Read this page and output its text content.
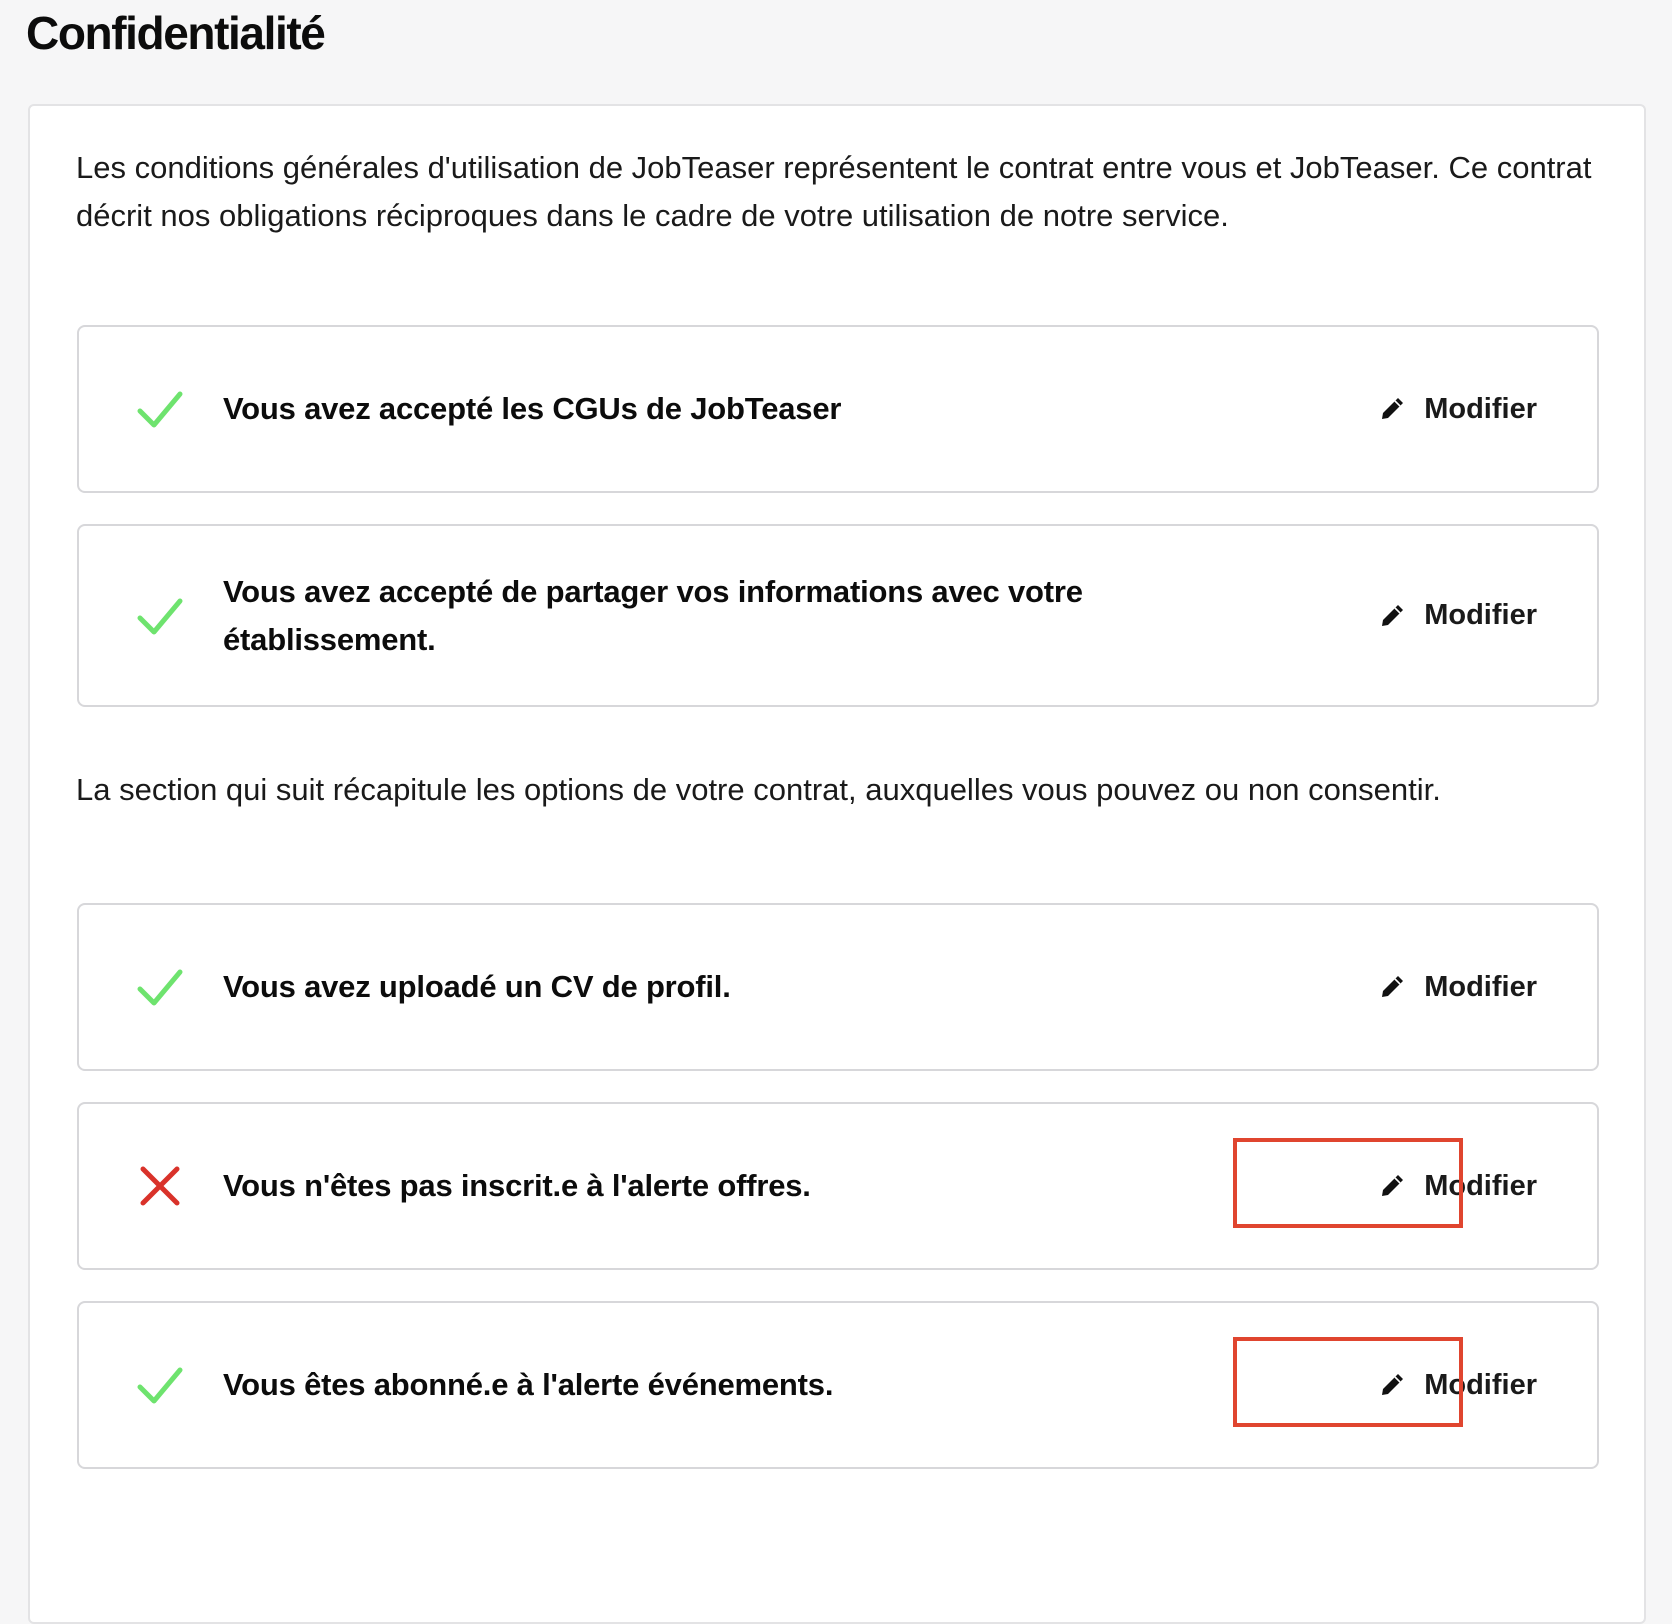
Confidentialité

Les conditions générales d'utilisation de JobTeaser représentent le contrat entre vous et JobTeaser. Ce contrat décrit nos obligations réciproques dans le cadre de votre utilisation de notre service.

Vous avez accepté les CGUs de JobTeaser	Modifier
Vous avez accepté de partager vos informations avec votre établissement.
Modifier

La section qui suit récapitule les options de votre contrat, auxquelles vous pouvez ou non consentir.

Vous avez uploadé un CV de profil.	Modifier
Vous n'êtes pas inscrit.e à l'alerte offres.	Modifier
Vous êtes abonné.e à l'alerte événements.	Modifier
